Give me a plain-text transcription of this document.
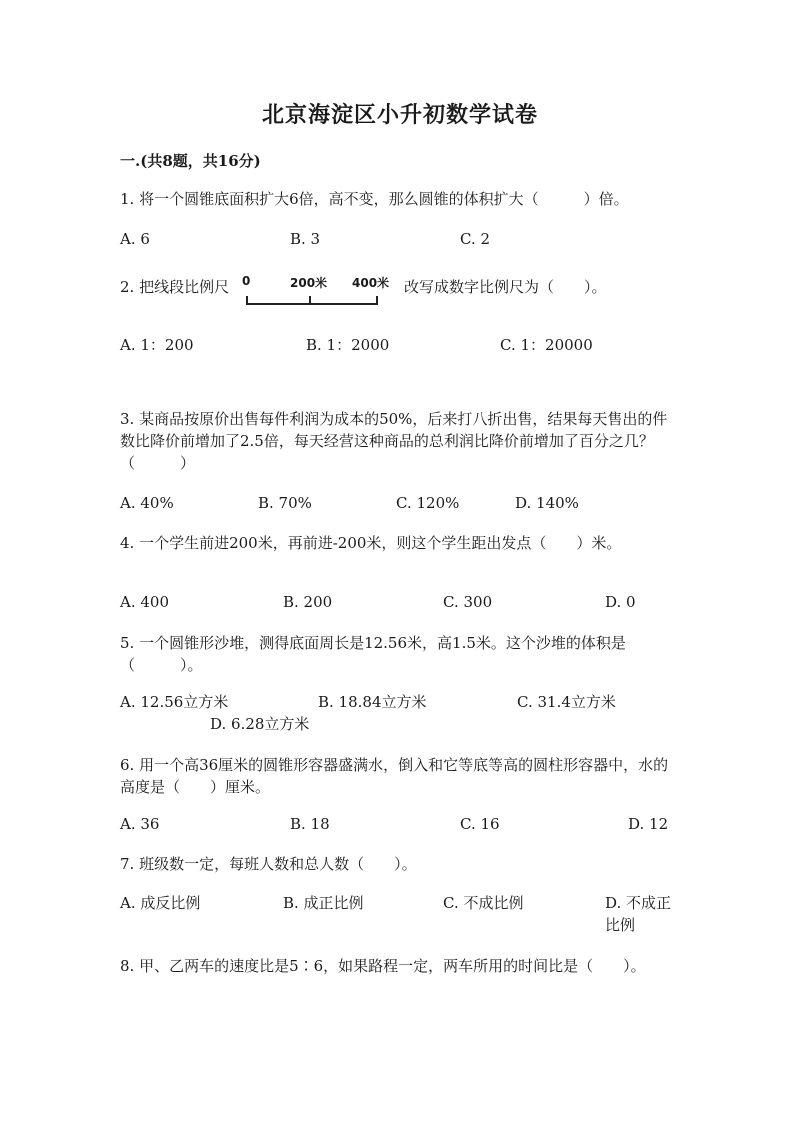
北京海淀区小升初数学试卷
一.(共8题，共16分)
1. 将一个圆锥底面积扩大6倍，高不变，那么圆锥的体积扩大（　　　）倍。
A. 6	B. 3	C. 2
2. 把线段比例尺 0	200米 400米 改写成数字比例尺为（　　）。
A. 1：200	B. 1：2000	C. 1：20000
3. 某商品按原价出售每件利润为成本的50%，后来打八折出售，结果每天售出的件数比降价前增加了2.5倍，每天经营这种商品的总利润比降价前增加了百分之几？（　　　）
A. 40%	B. 70%	C. 120%	D. 140%
4. 一个学生前进200米，再前进-200米，则这个学生距出发点（　　）米。
A. 400	B. 200	C. 300	D. 0
5. 一个圆锥形沙堆，测得底面周长是12.56米，高1.5米。这个沙堆的体积是（　　　）。
A. 12.56立方米	B. 18.84立方米	C. 31.4立方米
D. 6.28立方米
6. 用一个高36厘米的圆锥形容器盛满水，倒入和它等底等高的圆柱形容器中，水的高度是（　　）厘米。
A. 36	B. 18	C. 16	D. 12
7. 班级数一定，每班人数和总人数（　　）。
A. 成反比例	B. 成正比例	C. 不成比例	D. 不成正比例
8. 甲、乙两车的速度比是5∶6，如果路程一定，两车所用的时间比是（　　）。
